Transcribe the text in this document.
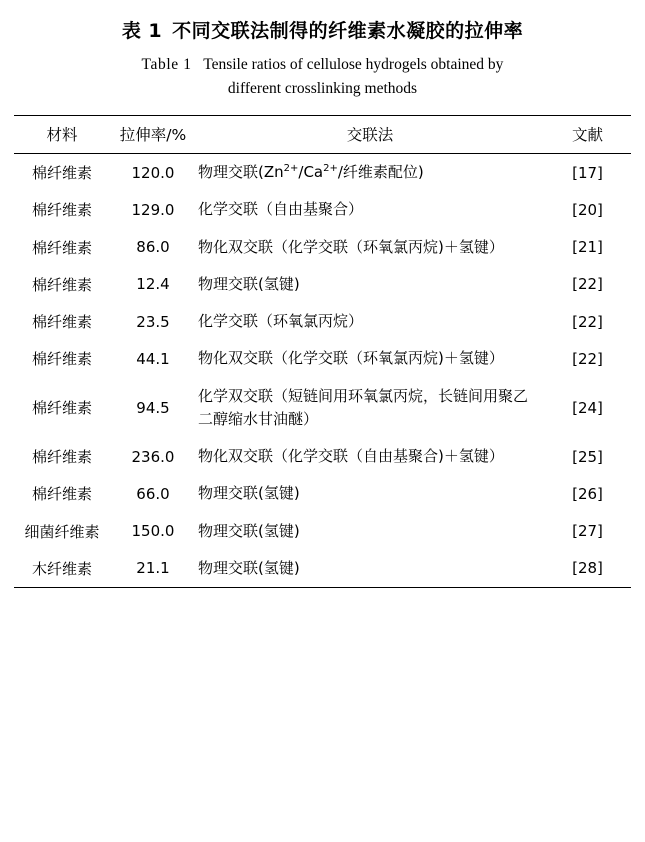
表 1 不同交联法制得的纤维素水凝胶的拉伸率
Table 1 Tensile ratios of cellulose hydrogels obtained by
different crosslinking methods
材料	拉伸率/%	交联法	文献
棉纤维素	120.0	物理交联($Zn^{2+}/Ca^{2+}/$纤维素配位)	[17]
棉纤维素	129.0	化学交联（自由基聚合）	[20]
棉纤维素	86.0	物化双交联（化学交联（环氧氯丙烷)＋氢键）	[21]
棉纤维素	12.4	物理交联(氢键)	[22]
棉纤维素	23.5	化学交联（环氧氯丙烷）	[22]
棉纤维素	44.1	物化双交联（化学交联（环氧氯丙烷)＋氢键）	[22]
棉纤维素	94.5	化学双交联（短链间用环氧氯丙烷，长链间用聚乙二醇缩水甘油醚）	[24]
棉纤维素	236.0	物化双交联（化学交联（自由基聚合)＋氢键）	[25]
棉纤维素	66.0	物理交联(氢键)	[26]
细菌纤维素	150.0	物理交联(氢键)	[27]
木纤维素	21.1	物理交联(氢键)	[28]
